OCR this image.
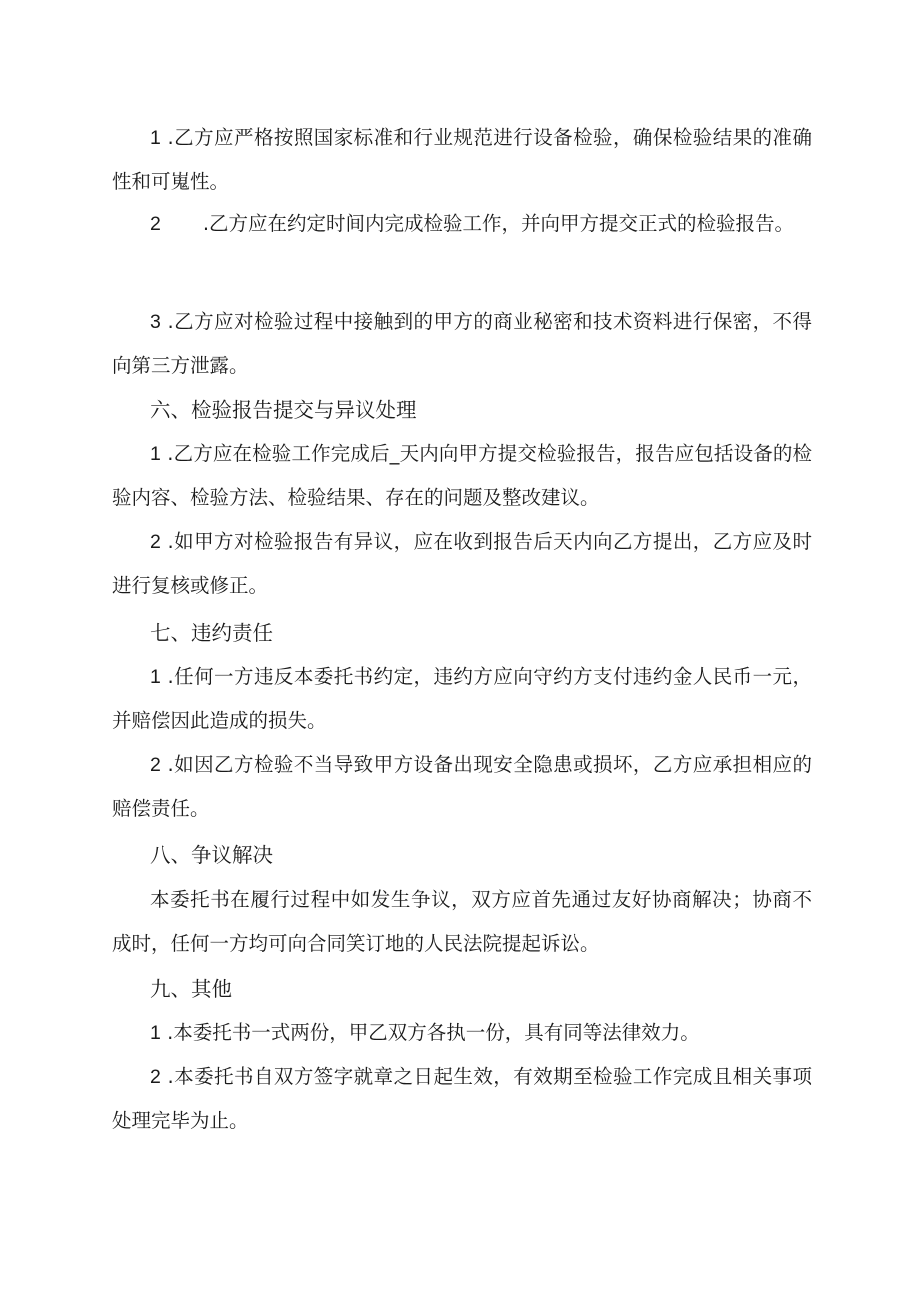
1 .乙方应严格按照国家标准和行业规范进行设备检验，确保检验结果的准确性和可嵬性。
2 .乙方应在约定时间内完成检验工作，并向甲方提交正式的检验报告。
3 .乙方应对检验过程中接触到的甲方的商业秘密和技术资料进行保密，不得向第三方泄露。
六、检验报告提交与异议处理
1 .乙方应在检验工作完成后_天内向甲方提交检验报告，报告应包括设备的检验内容、检验方法、检验结果、存在的问题及整改建议。
2 .如甲方对检验报告有异议，应在收到报告后天内向乙方提出，乙方应及时进行复核或修正。
七、违约责任
1 .任何一方违反本委托书约定，违约方应向守约方支付违约金人民币一元，并赔偿因此造成的损失。
2 .如因乙方检验不当导致甲方设备出现安全隐患或损坏，乙方应承担相应的赔偿责任。
八、争议解决
本委托书在履行过程中如发生争议，双方应首先通过友好协商解决；协商不成时，任何一方均可向合同笑订地的人民法院提起诉讼。
九、其他
1 .本委托书一式两份，甲乙双方各执一份，具有同等法律效力。
2 .本委托书自双方签字就章之日起生效，有效期至检验工作完成且相关事项处理完毕为止。
